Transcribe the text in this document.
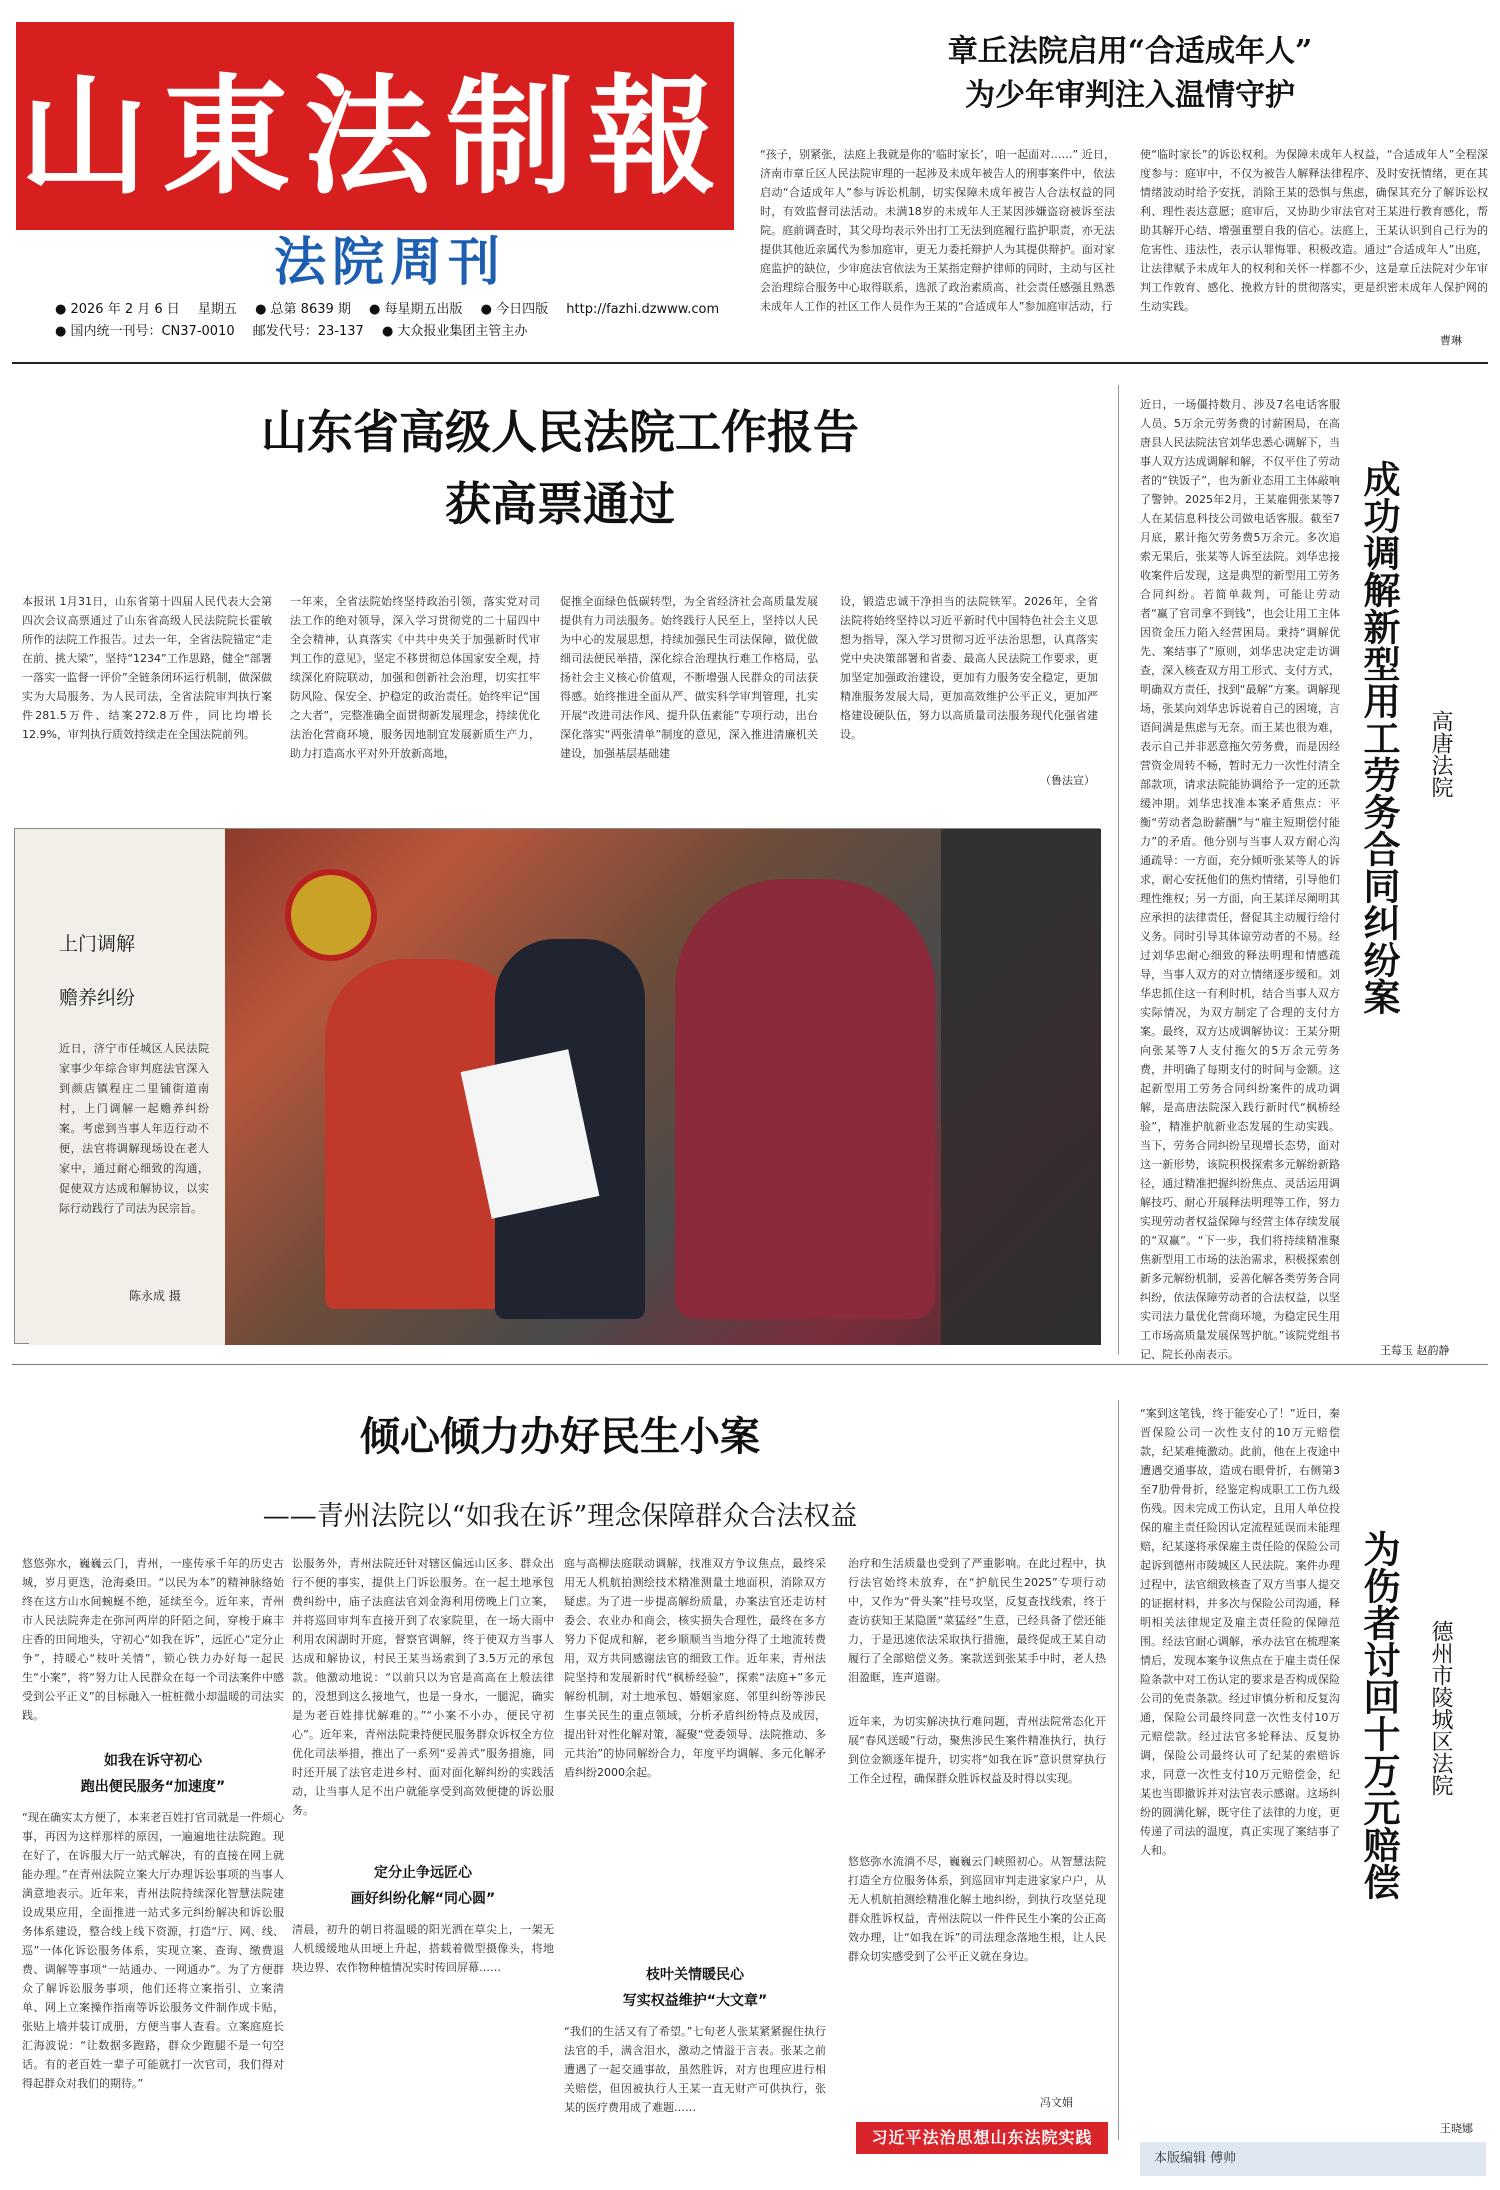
山東法制報
法院周刊
● 2026 年 2 月 6 日 星期五 ● 总第 8639 期 ● 每星期五出版 ● 今日四版 http://fazhi.dzwww.com
● 国内统一刊号：CN37-0010 邮发代号：23-137 ● 大众报业集团主管主办
章丘法院启用“合适成年人”
为少年审判注入温情守护
“孩子，别紧张，法庭上我就是你的‘临时家长’，咱一起面对……” 近日，济南市章丘区人民法院审理的一起涉及未成年被告人的刑事案件中，依法启动“合适成年人”参与诉讼机制，切实保障未成年被告人合法权益的同时，有效监督司法活动。未满18岁的未成年人王某因涉嫌盗窃被诉至法院。庭前调查时，其父母均表示外出打工无法到庭履行监护职责，亦无法提供其他近亲属代为参加庭审，更无力委托辩护人为其提供辩护。面对家庭监护的缺位，少审庭法官依法为王某指定辩护律师的同时，主动与区社会治理综合服务中心取得联系，选派了政治素质高、社会责任感强且熟悉未成年人工作的社区工作人员作为王某的“合适成年人”参加庭审活动，行
使“临时家长”的诉讼权利。为保障未成年人权益，“合适成年人”全程深度参与：庭审中，不仅为被告人解释法律程序、及时安抚情绪，更在其情绪波动时给予安抚，消除王某的恐惧与焦虑，确保其充分了解诉讼权利、理性表达意愿；庭审后，又协助少审法官对王某进行教育感化，帮助其解开心结、增强重塑自我的信心。法庭上，王某认识到自己行为的危害性、违法性，表示认罪悔罪、积极改造。通过“合适成年人”出庭，让法律赋予未成年人的权利和关怀一样都不少，这是章丘法院对少年审判工作敦育、感化、挽救方针的贯彻落实，更是织密未成年人保护网的生动实践。
曹琳
山东省高级人民法院工作报告
获高票通过
本报讯 1月31日，山东省第十四届人民代表大会第四次会议高票通过了山东省高级人民法院院长霍敏所作的法院工作报告。过去一年，全省法院锚定“走在前、挑大梁”，坚持“1234”工作思路，健全“部署一落实一监督一评价”全链条闭环运行机制，做深做实为大局服务、为人民司法，全省法院审判执行案件281.5万件、结案272.8万件，同比均增长12.9%，审判执行质效持续走在全国法院前列。
一年来，全省法院始终坚持政治引领，落实党对司法工作的绝对领导，深入学习贯彻党的二十届四中全会精神，认真落实《中共中央关于加强新时代审判工作的意见》，坚定不移贯彻总体国家安全观，持续深化府院联动，加强和创新社会治理，切实扛牢防风险、保安全、护稳定的政治责任。始终牢记“国之大者”，完整准确全面贯彻新发展理念，持续优化法治化营商环境，服务因地制宜发展新质生产力，助力打造高水平对外开放新高地，
促推全面绿色低碳转型，为全省经济社会高质量发展提供有力司法服务。始终践行人民至上，坚持以人民为中心的发展思想，持续加强民生司法保障，做优做细司法便民举措，深化综合治理执行难工作格局，弘扬社会主义核心价值观，不断增强人民群众的司法获得感。始终推进全面从严、做实科学审判管理，扎实开展“改进司法作风、提升队伍素能”专项行动，出台深化落实“两张清单”制度的意见，深入推进清廉机关建设，加强基层基础建
设，锻造忠诚干净担当的法院铁军。2026年，全省法院将始终坚持以习近平新时代中国特色社会主义思想为指导，深入学习贯彻习近平法治思想，认真落实党中央决策部署和省委、最高人民法院工作要求，更加坚定加强政治建设，更加有力服务安全稳定，更加精准服务发展大局，更加高效维护公平正义，更加严格建设硬队伍，努力以高质量司法服务现代化强省建设。
（鲁法宣）
上门调解
赡养纠纷
近日，济宁市任城区人民法院家事少年综合审判庭法官深入到颜店镇程庄二里铺街道南村，上门调解一起赡养纠纷案。考虑到当事人年迈行动不便，法官将调解现场设在老人家中，通过耐心细致的沟通，促使双方达成和解协议，以实际行动践行了司法为民宗旨。
陈永成 摄
近日，一场僵持数月、涉及7名电话客服人员、5万余元劳务费的讨薪困局，在高唐县人民法院法官刘华忠悉心调解下，当事人双方达成调解和解，不仅平住了劳动者的“铁饭子”，也为新业态用工主体敲响了警钟。2025年2月，王某雇佣张某等7人在某信息科技公司做电话客服。截至7月底，累计拖欠劳务费5万余元。多次追索无果后，张某等人诉至法院。刘华忠接收案件后发现，这是典型的新型用工劳务合同纠纷。若简单裁判，可能让劳动者“赢了官司拿不到钱”，也会让用工主体因资金压力陷入经营困局。秉持“调解优先、案结事了”原则，刘华忠决定走访调查，深入核查双方用工形式、支付方式，明确双方责任，找到“最解”方案。调解现场，张某向刘华忠诉说着自己的困境，言语间满是焦虑与无奈。而王某也很为难，表示自己并非恶意拖欠劳务费，而是因经营资金周转不畅，暂时无力一次性付清全部款项，请求法院能协调给予一定的还款缓冲期。刘华忠找准本案矛盾焦点：平衡“劳动者急盼薪酬”与“雇主短期偿付能力”的矛盾。他分别与当事人双方耐心沟通疏导：一方面，充分倾听张某等人的诉求，耐心安抚他们的焦灼情绪，引导他们理性维权；另一方面，向王某详尽阐明其应承担的法律责任，督促其主动履行给付义务。同时引导其体谅劳动者的不易。经过刘华忠耐心细致的释法明理和情感疏导，当事人双方的对立情绪逐步缓和。刘华忠抓住这一有利时机，结合当事人双方实际情况，为双方制定了合理的支付方案。最终，双方达成调解协议：王某分期向张某等7人支付拖欠的5万余元劳务费，并明确了每期支付的时间与金额。这起新型用工劳务合同纠纷案件的成功调解，是高唐法院深入践行新时代“枫桥经验”，精准护航新业态发展的生动实践。当下，劳务合同纠纷呈现增长态势，面对这一新形势，该院积极探索多元解纷新路径，通过精准把握纠纷焦点、灵活运用调解技巧、耐心开展释法明理等工作，努力实现劳动者权益保障与经营主体存续发展的“双赢”。“下一步，我们将持续精准聚焦新型用工市场的法治需求，积极探索创新多元解纷机制，妥善化解各类劳务合同纠纷，依法保障劳动者的合法权益，以坚实司法力量优化营商环境，为稳定民生用工市场高质量发展保驾护航。”该院党组书记、院长孙南表示。
成功调解新型用工劳务合同纠纷案 高唐法院
王莓玉 赵韵静
倾心倾力办好民生小案
——青州法院以“如我在诉”理念保障群众合法权益
悠悠弥水，巍巍云门，青州，一座传承千年的历史古城，岁月更迭，沧海桑田。“以民为本”的精神脉络始终在这方山水间蜿蜒不绝，延续至今。近年来，青州市人民法院奔走在弥河两岸的阡陌之间，穿梭于麻丰庄香的田间地头，守初心“如我在诉”，远匠心“定分止争”，持暖心“枝叶关情”，锁心铁力办好每一起民生“小案”，将“努力让人民群众在每一个司法案件中感受到公平正义”的目标融入一桩桩微小却温暖的司法实践。
如我在诉守初心
跑出便民服务“加速度”
“现在确实太方便了，本来老百姓打官司就是一件烦心事，再因为这样那样的原因，一遍遍地往法院跑。现在好了，在诉服大厅一站式解决，有的直接在网上就能办理。”在青州法院立案大厅办理诉讼事项的当事人満意地表示。近年来，青州法院持续深化智慧法院建设成果应用，全面推进一站式多元纠纷解决和诉讼服务体系建设，整合线上线下资源，打造“厅、网、线、巡”一体化诉讼服务体系，实现立案、查询、缴费退费、调解等事项“一站通办、一网通办”。为了方便群众了解诉讼服务事项，他们还将立案指引、立案清单、网上立案操作指南等诉讼服务文件制作成卡贴，张贴上墙并装订成册，方便当事人查看。立案庭庭长汇海波说：“让数据多跑路，群众少跑腿不是一句空话。有的老百姓一辈子可能就打一次官司，我们得对得起群众对我们的期待。”
讼服务外，青州法院还针对辖区偏远山区多、群众出行不便的事实，提供上门诉讼服务。在一起土地承包费纠纷中，庙子法庭法官刘金海利用傍晚上门立案，并将巡回审判车直接开到了农家院里，在一场大雨中利用农闲湖时开庭，督察官调解，终于使双方当事人达成和解协议，村民王某当场索到了3.5万元的承包款。他激动地说：“以前只以为官是高高在上般法律的，没想到这么接地气，也是一身水，一腿泥，确实是为老百姓排忧解难的。”“小案不小办，便民守初心”。近年来，青州法院秉持便民服务群众诉权全方位优化司法举措，推出了一系列“妥善式”服务措施，同时还开展了法官走进乡村、面对面化解纠纷的实践活动，让当事人足不出户就能享受到高效便捷的诉讼服务。
定分止争远匠心
画好纠纷化解“同心圆”
清晨，初升的朝日将温暖的阳光洒在草尖上，一架无人机缓缓地从田埂上升起，搭载着微型摄像头，将地块边界、农作物种植情况实时传回屏幕……
庭与高柳法庭联动调解，找准双方争议焦点，最终采用无人机航拍测绘技术精准测量土地面积，消除双方疑虑。为了进一步提高解纷质量，办案法官还走访村委会、农业办和商会，核实损失合理性，最终在多方努力下促成和解，老乡顺顺当当地分得了土地流转费用，双方共同感谢法官的细致工作。近年来，青州法院坚持和发展新时代“枫桥经验”，探索“法庭+”多元解纷机制，对土地承包、婚姻家庭、邻里纠纷等涉民生事关民生的重点领域，分析矛盾纠纷特点及成因，提出针对性化解对策，凝聚“党委领导、法院推动、多元共治”的协同解纷合力，年度平均调解、多元化解矛盾纠纷2000余起。
枝叶关情暖民心
写实权益维护“大文章”
“我们的生活又有了希望。”七旬老人张某紧紧握住执行法官的手，满含泪水，激动之情溢于言表。张某之前遭遇了一起交通事故，虽然胜诉，对方也理应进行相关赔偿，但因被执行人王某一直无财产可供执行，张某的医疗费用成了难题……
治疗和生活质量也受到了严重影响。在此过程中，执行法官始终未放弃，在“护航民生2025”专项行动中，又作为“骨头案”挂号攻坚，反复查找线索，终于查访获知王某隐匿“菜猛经”生意，已经具备了偿还能力，于是迅速依法采取执行措施，最终促成王某自动履行了全部赔偿义务。案款送到张某手中时，老人热泪盈眶，连声道谢。
近年来，为切实解决执行难问题，青州法院常态化开展“春风送暖”行动，聚焦涉民生案件精准执行，执行到位金额逐年提升，切实将“如我在诉”意识贯穿执行工作全过程，确保群众胜诉权益及时得以实现。
悠悠弥水流淌不尽，巍巍云门峡照初心。从智慧法院打造全方位服务体系，到巡回审判走进家家户户，从无人机航拍测绘精准化解土地纠纷，到执行攻坚兑现群众胜诉权益，青州法院以一件件民生小案的公正高效办理，让“如我在诉”的司法理念落地生根，让人民群众切实感受到了公平正义就在身边。
冯文娟
“案到这笔钱，终于能安心了！”近日，秦晋保险公司一次性支付的10万元赔偿款，纪某难掩激动。此前，他在上夜途中遭遇交通事故，造成右眼骨折，右侧第3至7肋骨骨折，经鉴定构成职工工伤九级伤残。因未完成工伤认定，且用人单位投保的雇主责任险因认定流程延误而未能理赔，纪某遂将承保雇主责任险的保险公司起诉到德州市陵城区人民法院。案件办理过程中，法官细致核查了双方当事人提交的证据材料，并多次与保险公司沟通，释明相关法律规定及雇主责任险的保障范围。经法官耐心调解，承办法官在梳理案情后，发现本案争议焦点在于雇主责任保险条款中对工伤认定的要求是否构成保险公司的免责条款。经过审慎分析和反复沟通，保险公司最终同意一次性支付10万元赔偿款。经过法官多轮释法、反复协调，保险公司最终认可了纪某的索赔诉求，同意一次性支付10万元赔偿金，纪某也当即撤诉并对法官表示感谢。这场纠纷的圆满化解，既守住了法律的力度，更传递了司法的温度，真正实现了案结事了人和。	为伤者讨回十万元赔偿 德州市陵城区法院
王晓娜
习近平法治思想山东法院实践
本版编辑 傅帅
